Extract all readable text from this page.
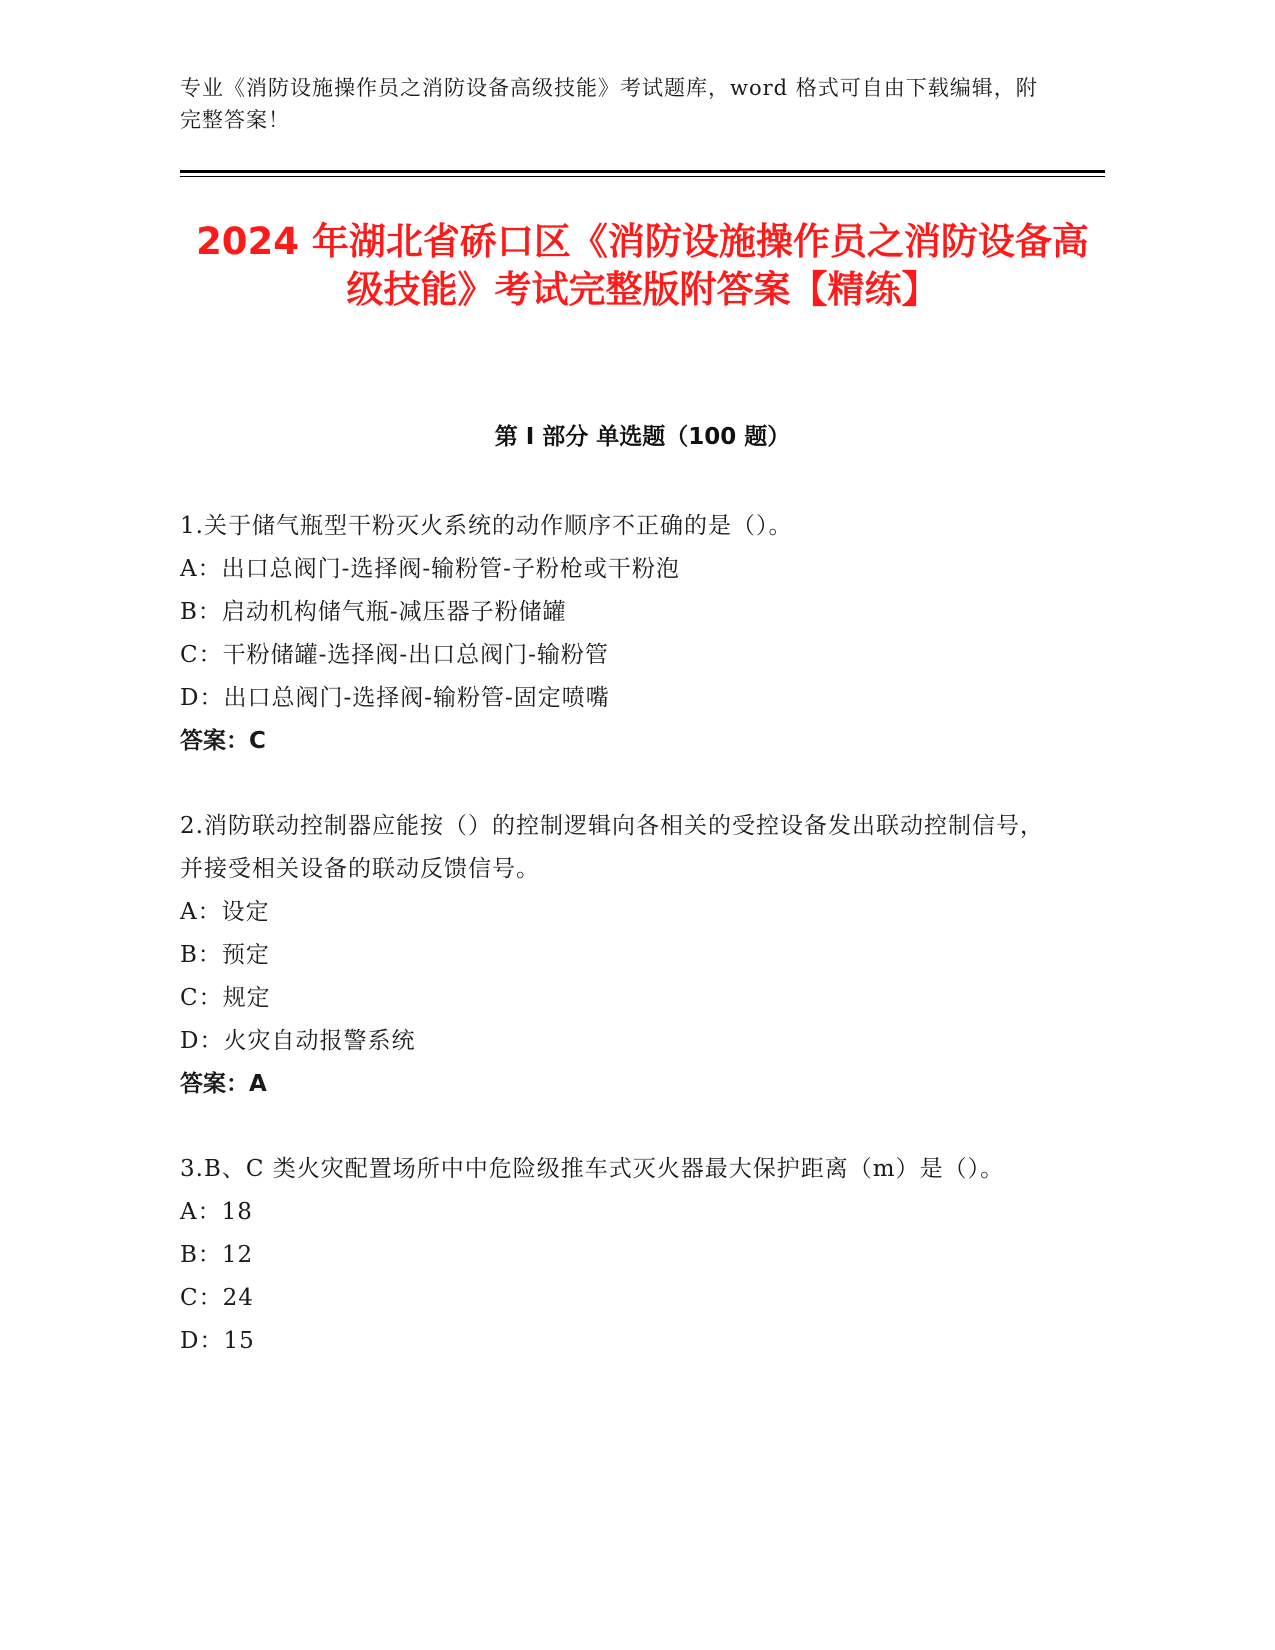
专业《消防设施操作员之消防设备高级技能》考试题库，word 格式可自由下载编辑，附完整答案！
2024 年湖北省硚口区《消防设施操作员之消防设备高级技能》考试完整版附答案【精练】
第 I 部分 单选题（100 题）
1.关于储气瓶型干粉灭火系统的动作顺序不正确的是（）。
A：出口总阀门-选择阀-输粉管-子粉枪或干粉泡
B：启动机构储气瓶-减压器子粉储罐
C：干粉储罐-选择阀-出口总阀门-输粉管
D：出口总阀门-选择阀-输粉管-固定喷嘴
答案：C
2.消防联动控制器应能按（）的控制逻辑向各相关的受控设备发出联动控制信号，并接受相关设备的联动反馈信号。
A：设定
B：预定
C：规定
D：火灾自动报警系统
答案：A
3.B、C 类火灾配置场所中中危险级推车式灭火器最大保护距离（m）是（）。
A：18
B：12
C：24
D：15
